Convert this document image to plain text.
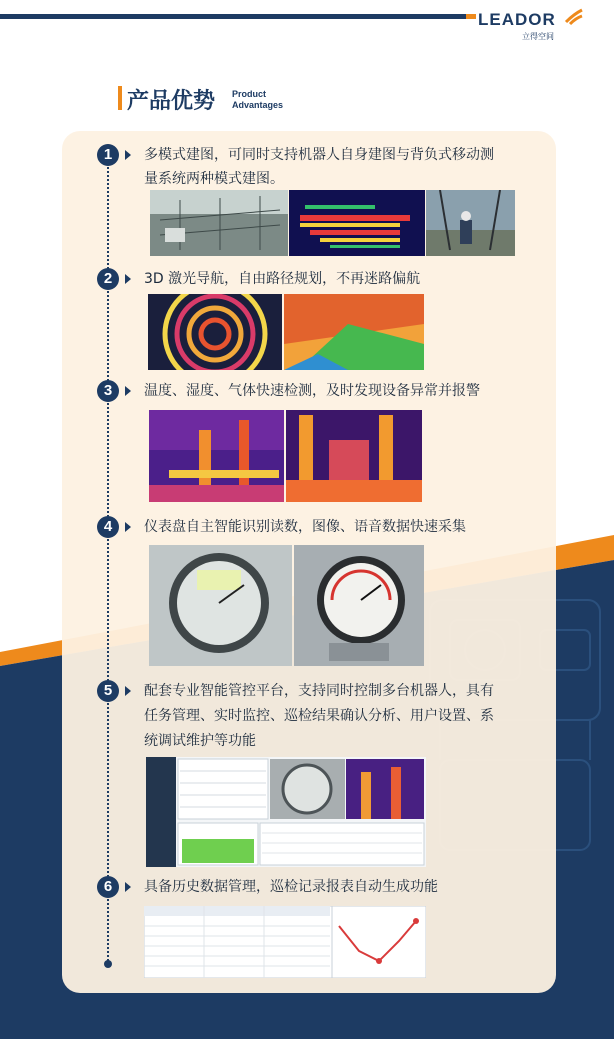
LEADOR
立得空间
产品优势 Product
Advantages
1	多模式建图，可同时支持机器人自身建图与背负式移动测
量系统两种模式建图。
2	3D 激光导航，自由路径规划，不再迷路偏航
3	温度、湿度、气体快速检测，及时发现设备异常并报警
4	仪表盘自主智能识别读数，图像、语音数据快速采集
5	配套专业智能管控平台，支持同时控制多台机器人，具有
任务管理、实时监控、巡检结果确认分析、用户设置、系
统调试维护等功能
6	具备历史数据管理，巡检记录报表自动生成功能
